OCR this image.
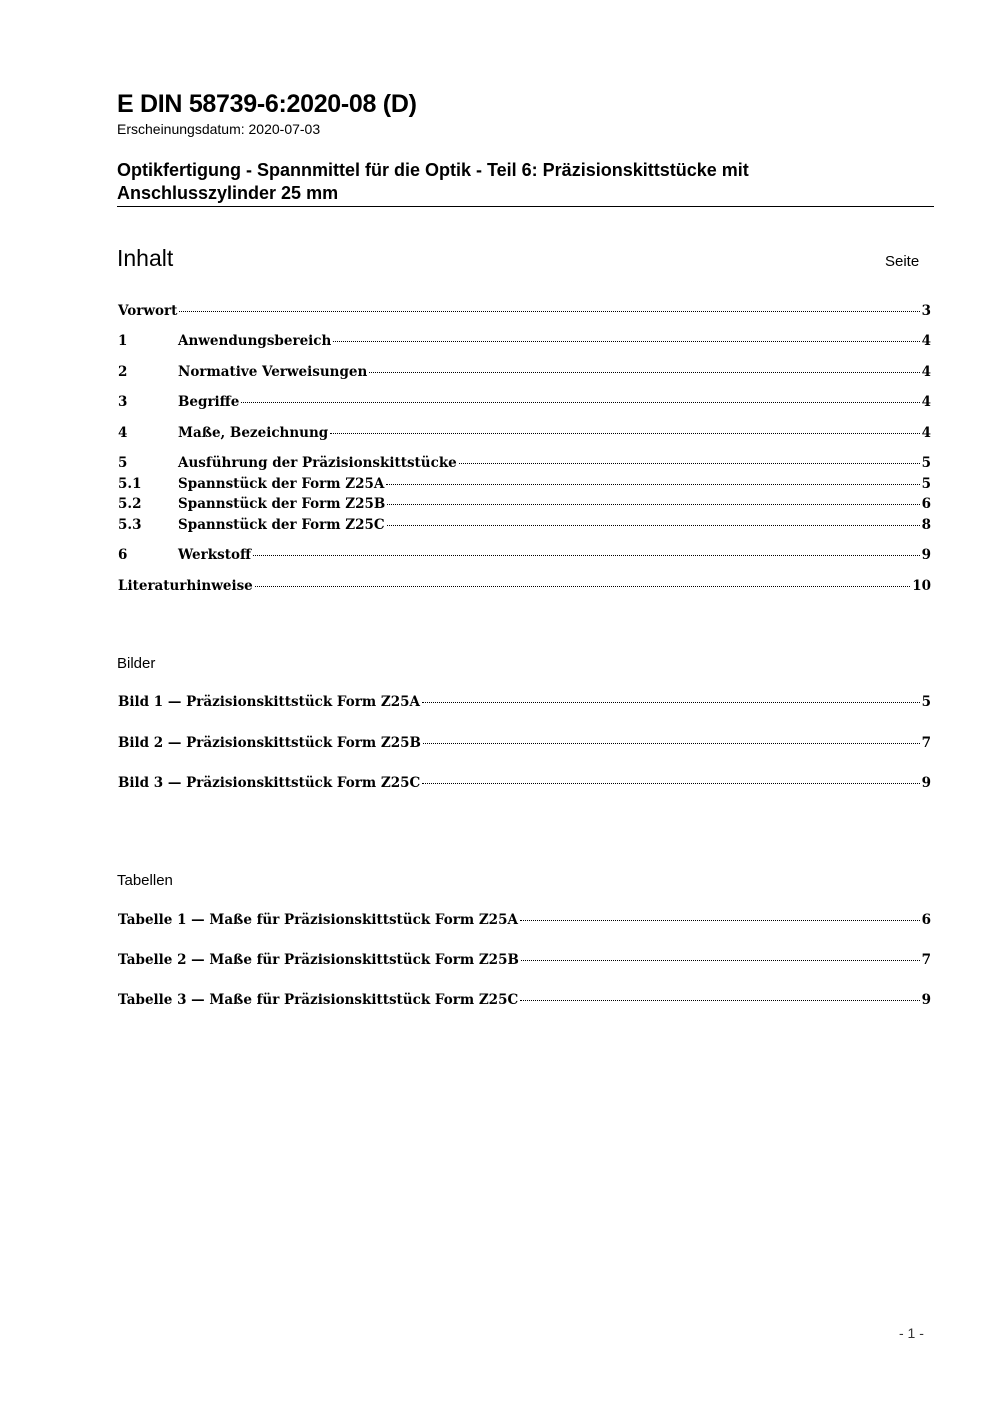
E DIN 58739-6:2020-08 (D)
Erscheinungsdatum: 2020-07-03
Optikfertigung - Spannmittel für die Optik - Teil 6: Präzisionskittstücke mit Anschlusszylinder 25 mm
Inhalt	Seite
Vorwort	3
1	Anwendungsbereich	4
2	Normative Verweisungen	4
3	Begriffe	4
4	Maße, Bezeichnung	4
5	Ausführung der Präzisionskittstücke	5
5.1	Spannstück der Form Z25A	5
5.2	Spannstück der Form Z25B	6
5.3	Spannstück der Form Z25C	8
6	Werkstoff	9
Literaturhinweise	10
Bilder
Bild 1 — Präzisionskittstück Form Z25A	5
Bild 2 — Präzisionskittstück Form Z25B	7
Bild 3 — Präzisionskittstück Form Z25C	9
Tabellen
Tabelle 1 — Maße für Präzisionskittstück Form Z25A	6
Tabelle 2 — Maße für Präzisionskittstück Form Z25B	7
Tabelle 3 — Maße für Präzisionskittstück Form Z25C	9
- 1 -
